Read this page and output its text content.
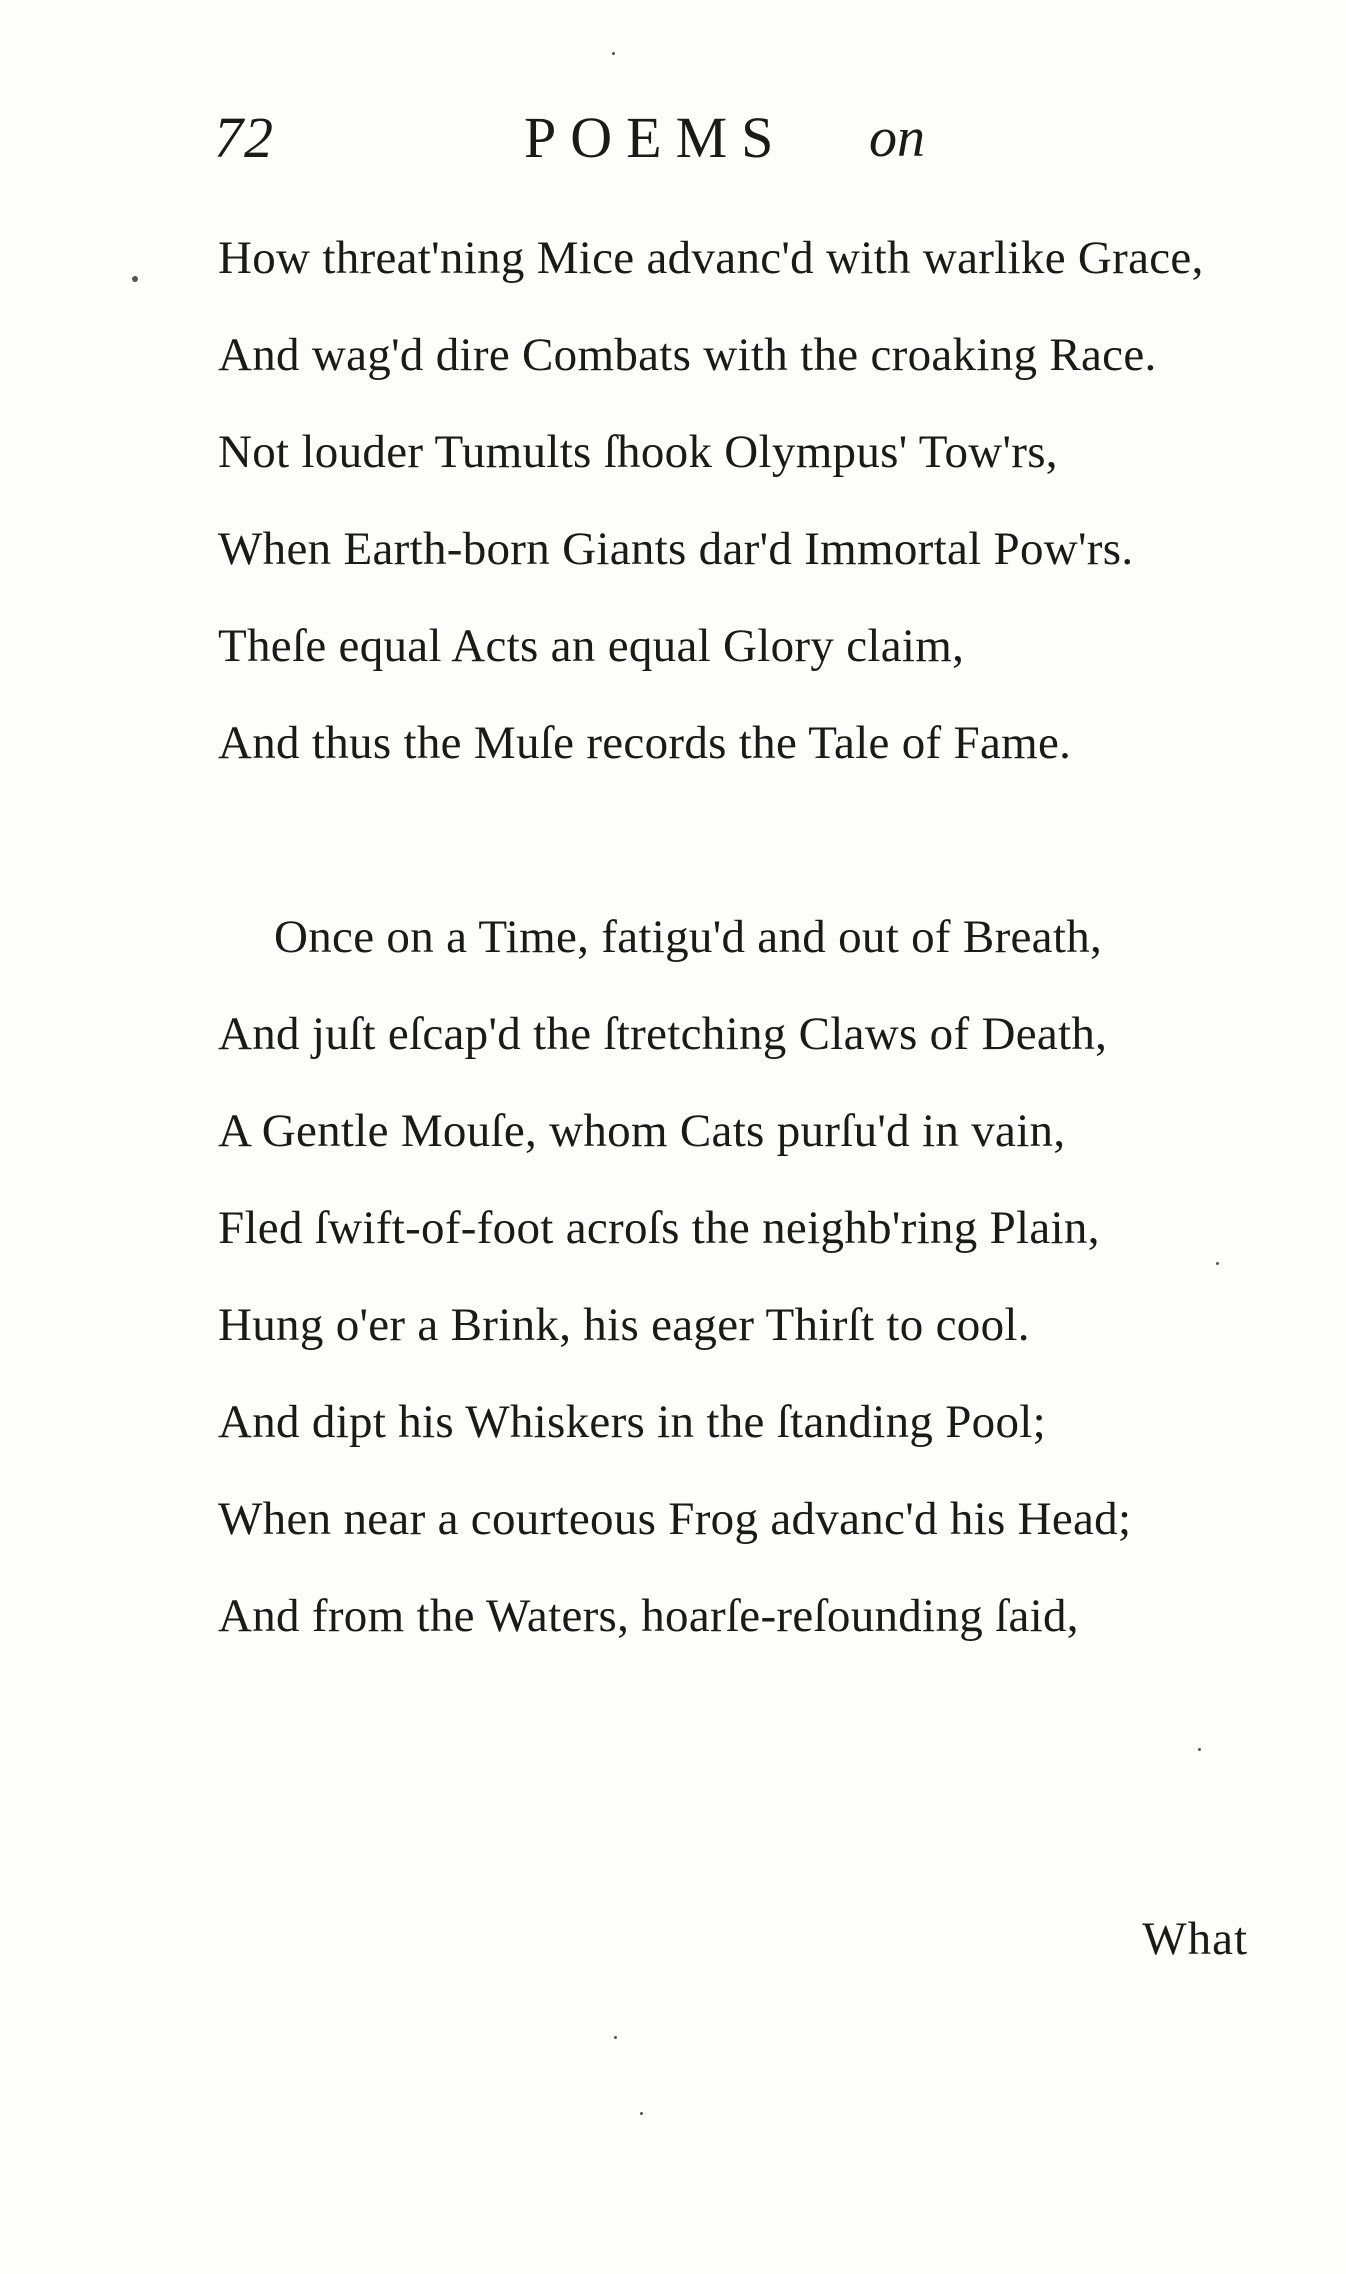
72	POEMS on
How threat'ning Mice advanc'd with warlike Grace,
And wag'd dire Combats with the croaking Race.
Not louder Tumults ſhook Olympus' Tow'rs,
When Earth-born Giants dar'd Immortal Pow'rs.
Theſe equal Acts an equal Glory claim,
And thus the Muſe records the Tale of Fame.
Once on a Time, fatigu'd and out of Breath,
And juſt eſcap'd the ſtretching Claws of Death,
A Gentle Mouſe, whom Cats purſu'd in vain,
Fled ſwift-of-foot acroſs the neighb'ring Plain,
Hung o'er a Brink, his eager Thirſt to cool.
And dipt his Whiskers in the ſtanding Pool;
When near a courteous Frog advanc'd his Head;
And from the Waters, hoarſe-reſounding ſaid,
What
